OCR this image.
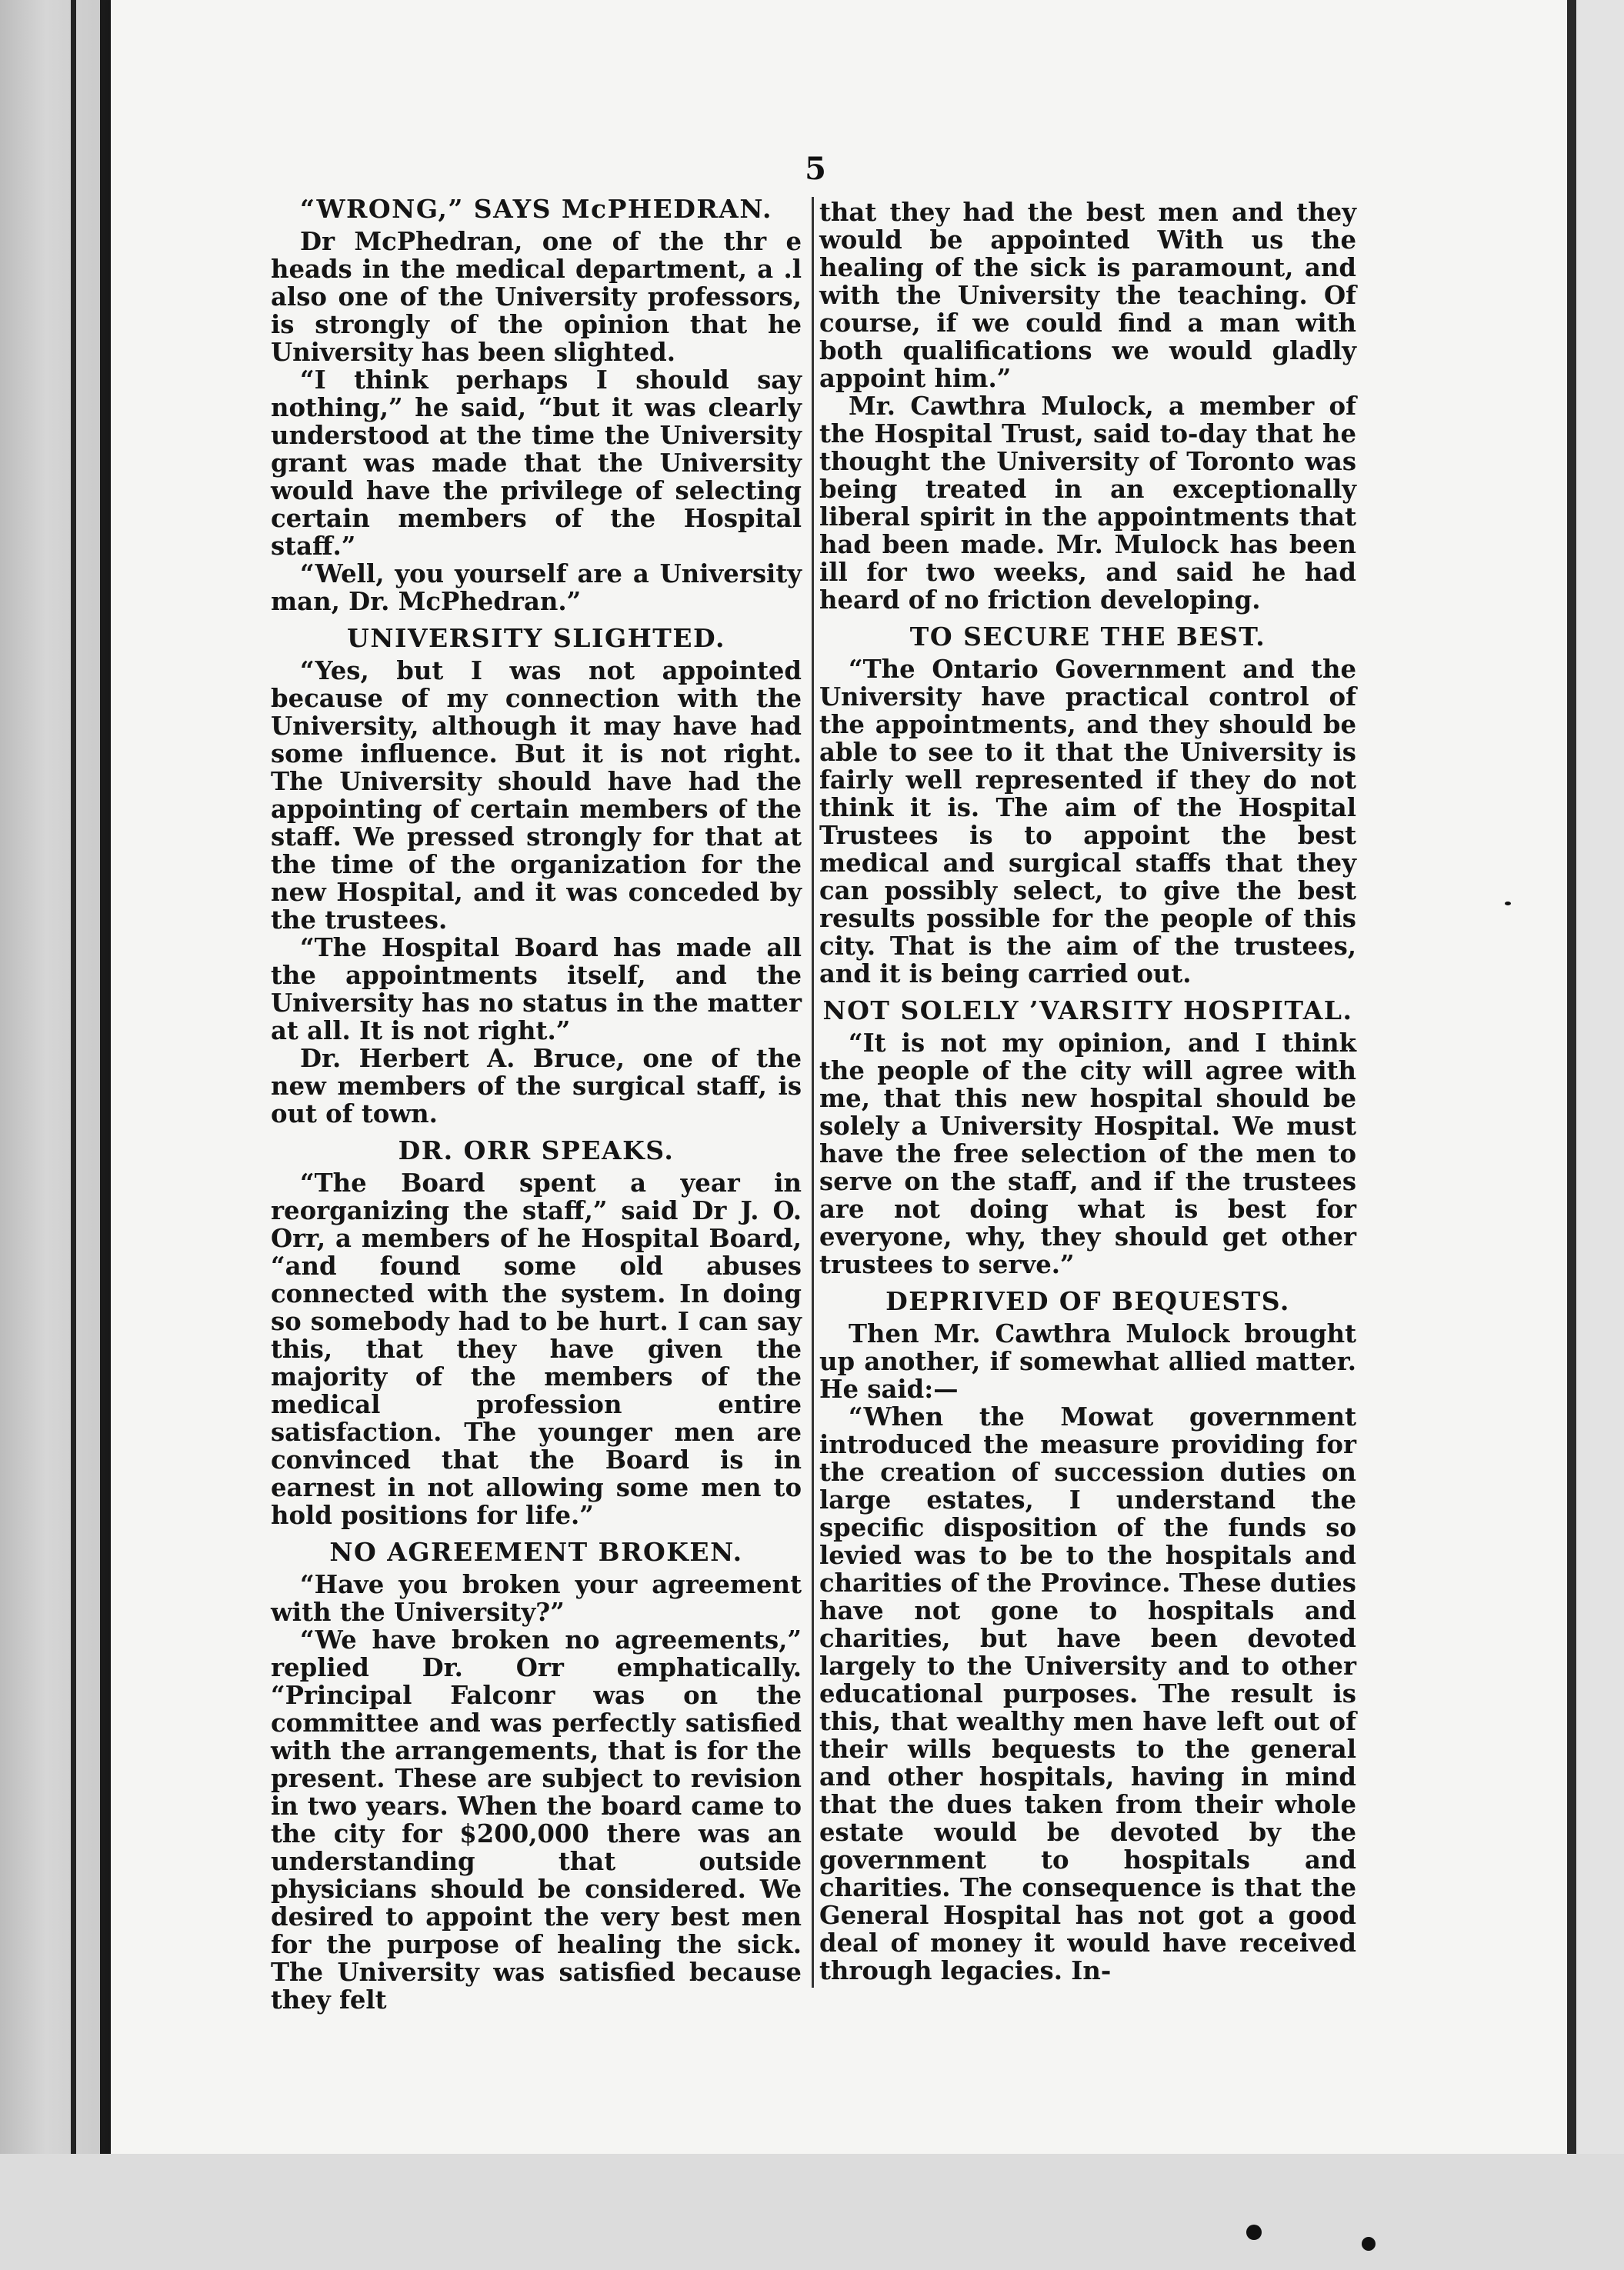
5
“WRONG,” SAYS McPHEDRAN.

Dr McPhedran, one of the thr e heads in the medical department, a .l also one of the University professors, is strongly of the opinion that he University has been slighted.

“I think perhaps I should say nothing,” he said, “but it was clearly understood at the time the University grant was made that the University would have the privilege of selecting certain members of the Hospital staff.”

“Well, you yourself are a University man, Dr. McPhedran.”

UNIVERSITY SLIGHTED.

“Yes, but I was not appointed because of my connection with the University, although it may have had some influence. But it is not right. The University should have had the appointing of certain members of the staff. We pressed strongly for that at the time of the organization for the new Hospital, and it was conceded by the trustees.

“The Hospital Board has made all the appointments itself, and the University has no status in the matter at all. It is not right.”

Dr. Herbert A. Bruce, one of the new members of the surgical staff, is out of town.

DR. ORR SPEAKS.

“The Board spent a year in reorganizing the staff,” said Dr J. O. Orr, a members of he Hospital Board, “and found some old abuses connected with the system. In doing so somebody had to be hurt. I can say this, that they have given the majority of the members of the medical profession entire satisfaction. The younger men are convinced that the Board is in earnest in not allowing some men to hold positions for life.”

NO AGREEMENT BROKEN.

“Have you broken your agreement with the University?”

“We have broken no agreements,” replied Dr. Orr emphatically. “Principal Falconr was on the committee and was perfectly satisfied with the arrangements, that is for the present. These are subject to revision in two years. When the board came to the city for $200,000 there was an understanding that outside physicians should be considered. We desired to appoint the very best men for the purpose of healing the sick. The University was satisfied because they felt

that they had the best men and they would be appointed With us the healing of the sick is paramount, and with the University the teaching. Of course, if we could find a man with both qualifications we would gladly appoint him.”

Mr. Cawthra Mulock, a member of the Hospital Trust, said to-day that he thought the University of Toronto was being treated in an exceptionally liberal spirit in the appointments that had been made. Mr. Mulock has been ill for two weeks, and said he had heard of no friction developing.

TO SECURE THE BEST.

“The Ontario Government and the University have practical control of the appointments, and they should be able to see to it that the University is fairly well represented if they do not think it is. The aim of the Hospital Trustees is to appoint the best medical and surgical staffs that they can possibly select, to give the best results possible for the people of this city. That is the aim of the trustees, and it is being carried out.

NOT SOLELY ’VARSITY HOSPITAL.

“It is not my opinion, and I think the people of the city will agree with me, that this new hospital should be solely a University Hospital. We must have the free selection of the men to serve on the staff, and if the trustees are not doing what is best for everyone, why, they should get other trustees to serve.”

DEPRIVED OF BEQUESTS.

Then Mr. Cawthra Mulock brought up another, if somewhat allied matter. He said:—

“When the Mowat government introduced the measure providing for the creation of succession duties on large estates, I understand the specific disposition of the funds so levied was to be to the hospitals and charities of the Province. These duties have not gone to hospitals and charities, but have been devoted largely to the University and to other educational purposes. The result is this, that wealthy men have left out of their wills bequests to the general and other hospitals, having in mind that the dues taken from their whole estate would be devoted by the government to hospitals and charities. The consequence is that the General Hospital has not got a good deal of money it would have received through legacies. In-
